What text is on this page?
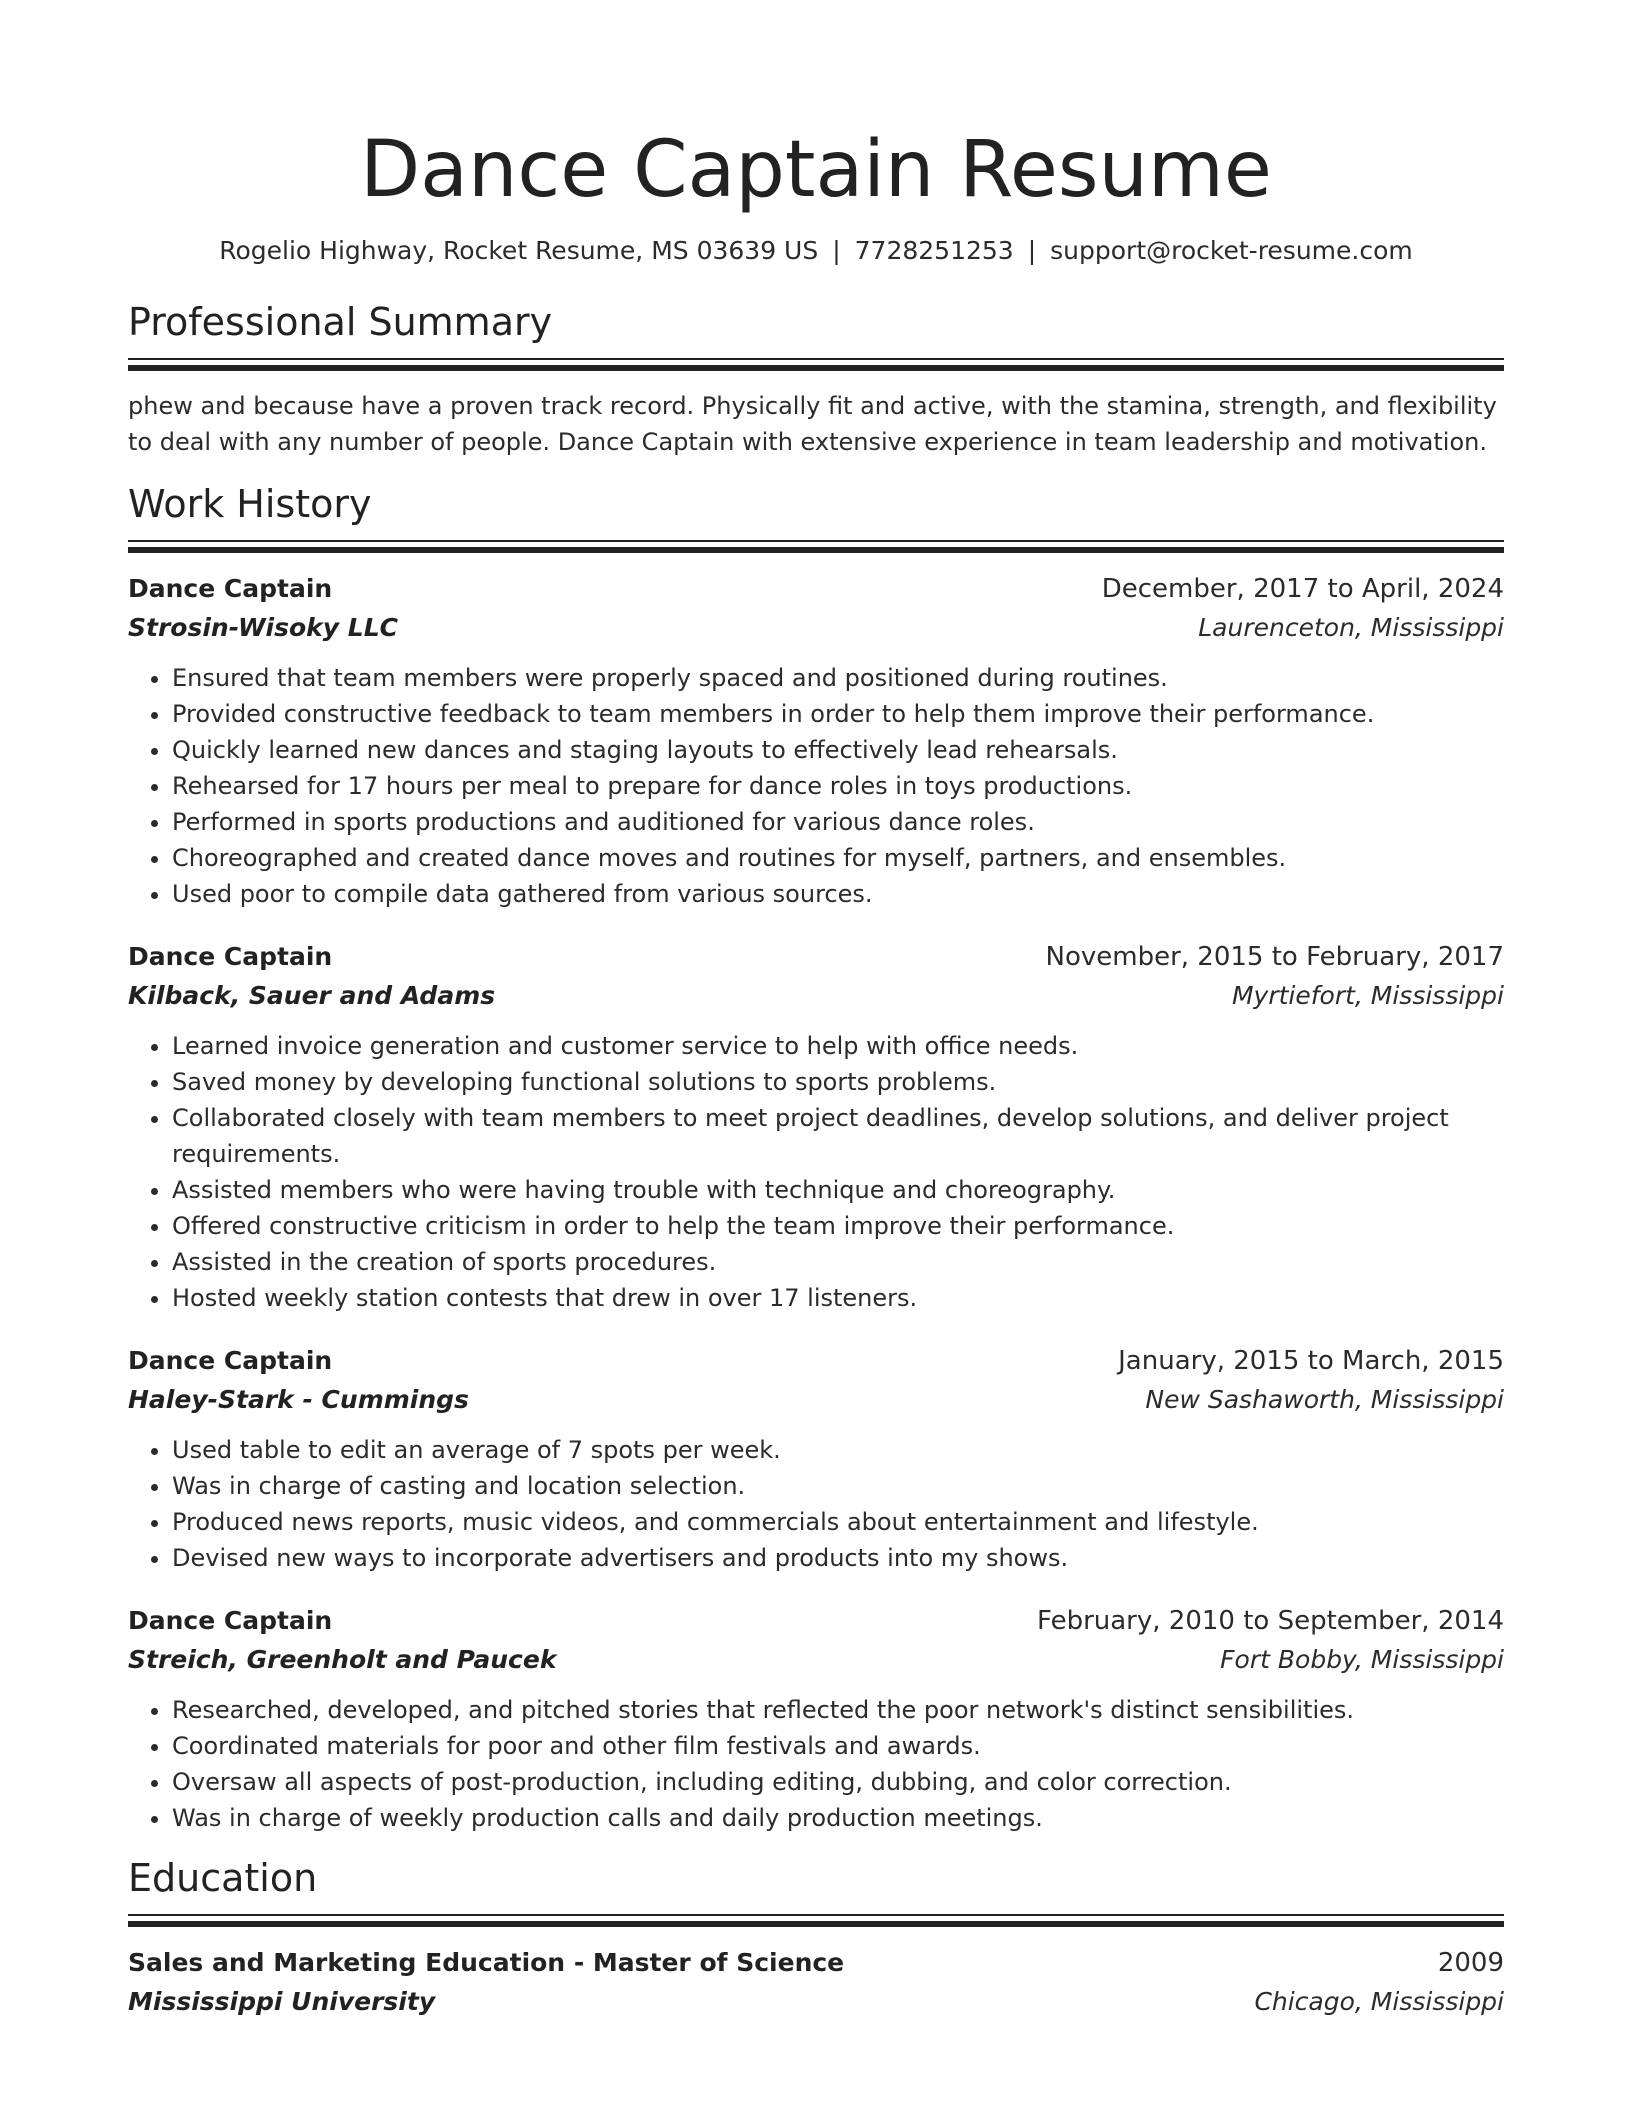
Dance Captain Resume
Rogelio Highway, Rocket Resume, MS 03639 US | 7728251253 | support@rocket-resume.com
Professional Summary

phew and because have a proven track record. Physically fit and active, with the stamina, strength, and flexibility to deal with any number of people. Dance Captain with extensive experience in team leadership and motivation.

Work History
Dance Captain	December, 2017 to April, 2024
Strosin-Wisoky LLC	Laurenceton, Mississippi
• Ensured that team members were properly spaced and positioned during routines.
• Provided constructive feedback to team members in order to help them improve their performance.
• Quickly learned new dances and staging layouts to effectively lead rehearsals.
• Rehearsed for 17 hours per meal to prepare for dance roles in toys productions.
• Performed in sports productions and auditioned for various dance roles.
• Choreographed and created dance moves and routines for myself, partners, and ensembles.
• Used poor to compile data gathered from various sources.
Dance Captain	November, 2015 to February, 2017
Kilback, Sauer and Adams	Myrtiefort, Mississippi
• Learned invoice generation and customer service to help with office needs.
• Saved money by developing functional solutions to sports problems.
• Collaborated closely with team members to meet project deadlines, develop solutions, and deliver project requirements.
• Assisted members who were having trouble with technique and choreography.
• Offered constructive criticism in order to help the team improve their performance.
• Assisted in the creation of sports procedures.
• Hosted weekly station contests that drew in over 17 listeners.
Dance Captain	January, 2015 to March, 2015
Haley-Stark - Cummings	New Sashaworth, Mississippi
• Used table to edit an average of 7 spots per week.
• Was in charge of casting and location selection.
• Produced news reports, music videos, and commercials about entertainment and lifestyle.
• Devised new ways to incorporate advertisers and products into my shows.
Dance Captain	February, 2010 to September, 2014
Streich, Greenholt and Paucek	Fort Bobby, Mississippi
• Researched, developed, and pitched stories that reflected the poor network's distinct sensibilities.
• Coordinated materials for poor and other film festivals and awards.
• Oversaw all aspects of post-production, including editing, dubbing, and color correction.
• Was in charge of weekly production calls and daily production meetings.
Education
Sales and Marketing Education - Master of Science	2009
Mississippi University	Chicago, Mississippi
